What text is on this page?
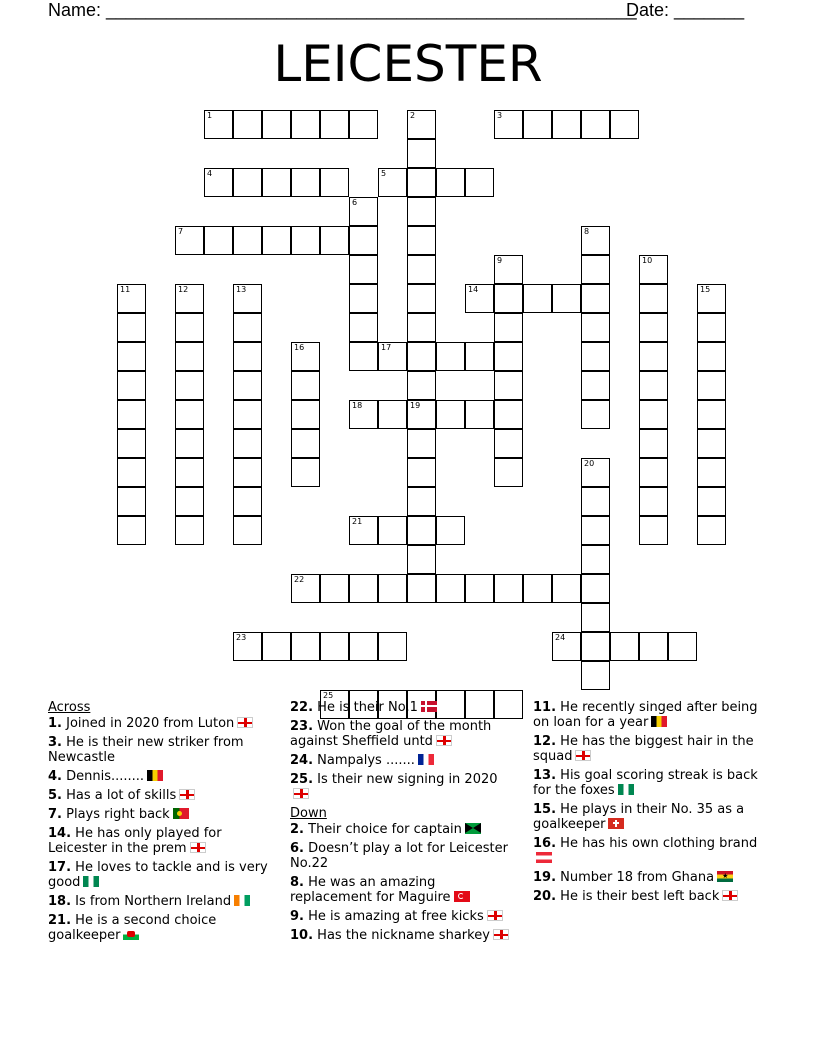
Name: _____________________________________________________
Date: _______
LEICESTER
1	2
19
3
4	5
6
7	8
9	10
11	12	13	14	15
16	17
18
20
21
22
23	24
25
Across
1. Joined in 2020 from Luton
3. He is their new striker from Newcastle
4. Dennis........
5. Has a lot of skills
7. Plays right back
14. He has only played for Leicester in the prem
17. He loves to tackle and is very good
18. Is from Northern Ireland
21. He is a second choice goalkeeper
22. He is their No.1
23. Won the goal of the month against Sheffield untd
24. Nampalys .......
25. Is their new signing in 2020
Down
2. Their choice for captain
6. Doesn’t play a lot for Leicester No.22
8. He was an amazing replacement for Maguire
9. He is amazing at free kicks
10. Has the nickname sharkey
11. He recently singed after being on loan for a year
12. He has the biggest hair in the squad
13. His goal scoring streak is back for the foxes
15. He plays in their No. 35 as a goalkeeper
16. He has his own clothing brand
19. Number 18 from Ghana★
20. He is their best left back
